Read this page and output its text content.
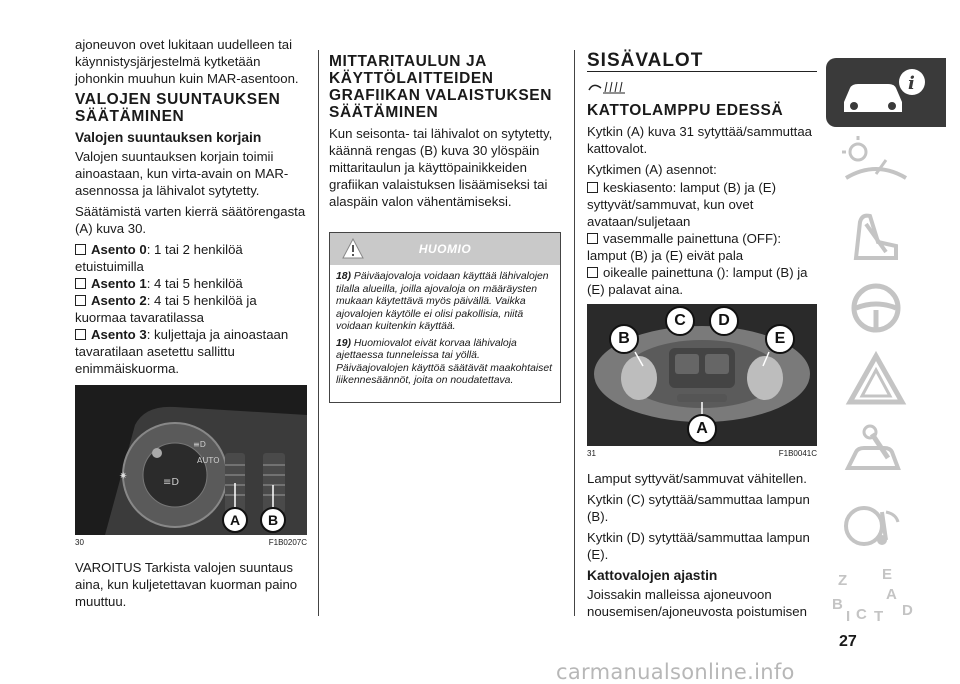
ajoneuvon ovet lukitaan uudelleen tai käynnistysjärjestelmä kytketään johonkin muuhun kuin MAR-asentoon.

VALOJEN SUUNTAUKSEN SÄÄTÄMINEN
Valojen suuntauksen korjain

Valojen suuntauksen korjain toimii ainoastaan, kun virta-avain on MAR-asennossa ja lähivalot sytytetty.

Säätämistä varten kierrä säätörengasta (A) kuva 30.

Asento 0: 1 tai 2 henkilöä etuistuimilla
Asento 1: 4 tai 5 henkilöä
Asento 2: 4 tai 5 henkilöä ja kuormaa tavaratilassa
Asento 3: kuljettaja ja ainoastaan tavaratilaan asetettu sallittu enimmäiskuorma.
≡D
≡D
AUTO
✷
A	B
30	F1B0207C

VAROITUS Tarkista valojen suuntaus aina, kun kuljetettavan kuorman paino muuttuu.

MITTARITAULUN JA KÄYTTÖLAITTEIDEN GRAFIIKAN VALAISTUKSEN SÄÄTÄMINEN

Kun seisonta- tai lähivalot on sytytetty, käännä rengas (B) kuva 30 ylöspäin mittaritaulun ja käyttöpainikkeiden grafiikan valaistuksen lisäämiseksi tai alaspäin valon vähentämiseksi.

HUOMIO

18) Päiväajovaloja voidaan käyttää lähivalojen tilalla alueilla, joilla ajovaloja on määräysten mukaan käytettävä myös päivällä. Vaikka ajovalojen käytölle ei olisi pakollisia, niitä voidaan kuitenkin käyttää.

19) Huomiovalot eivät korvaa lähivaloja ajettaessa tunneleissa tai yöllä. Päiväajovalojen käyttöä säätävät maakohtaiset liikennesäännöt, joita on noudatettava.

SISÄVALOT
KATTOLAMPPU EDESSÄ

Kytkin (A) kuva 31 sytyttää/sammuttaa kattovalot.

Kytkimen (A) asennot:

keskiasento: lamput (B) ja (E) syttyvät/sammuvat, kun ovet avataan/suljetaan
vasemmalle painettuna (OFF): lamput (B) ja (E) eivät pala
oikealle painettuna (): lamput (B) ja (E) palavat aina.
B
C	D
E
A
31	F1B0041C

Lamput syttyvät/sammuvat vähitellen.

Kytkin (C) sytyttää/sammuttaa lampun (B).

Kytkin (D) sytyttää/sammuttaa lampun (E).

Kattovalojen ajastin

Joissakin malleissa ajoneuvoon nousemisen/ajoneuvosta poistumisen

i
Z E
B
A
C T D
I
27
carmanualsonline.info
